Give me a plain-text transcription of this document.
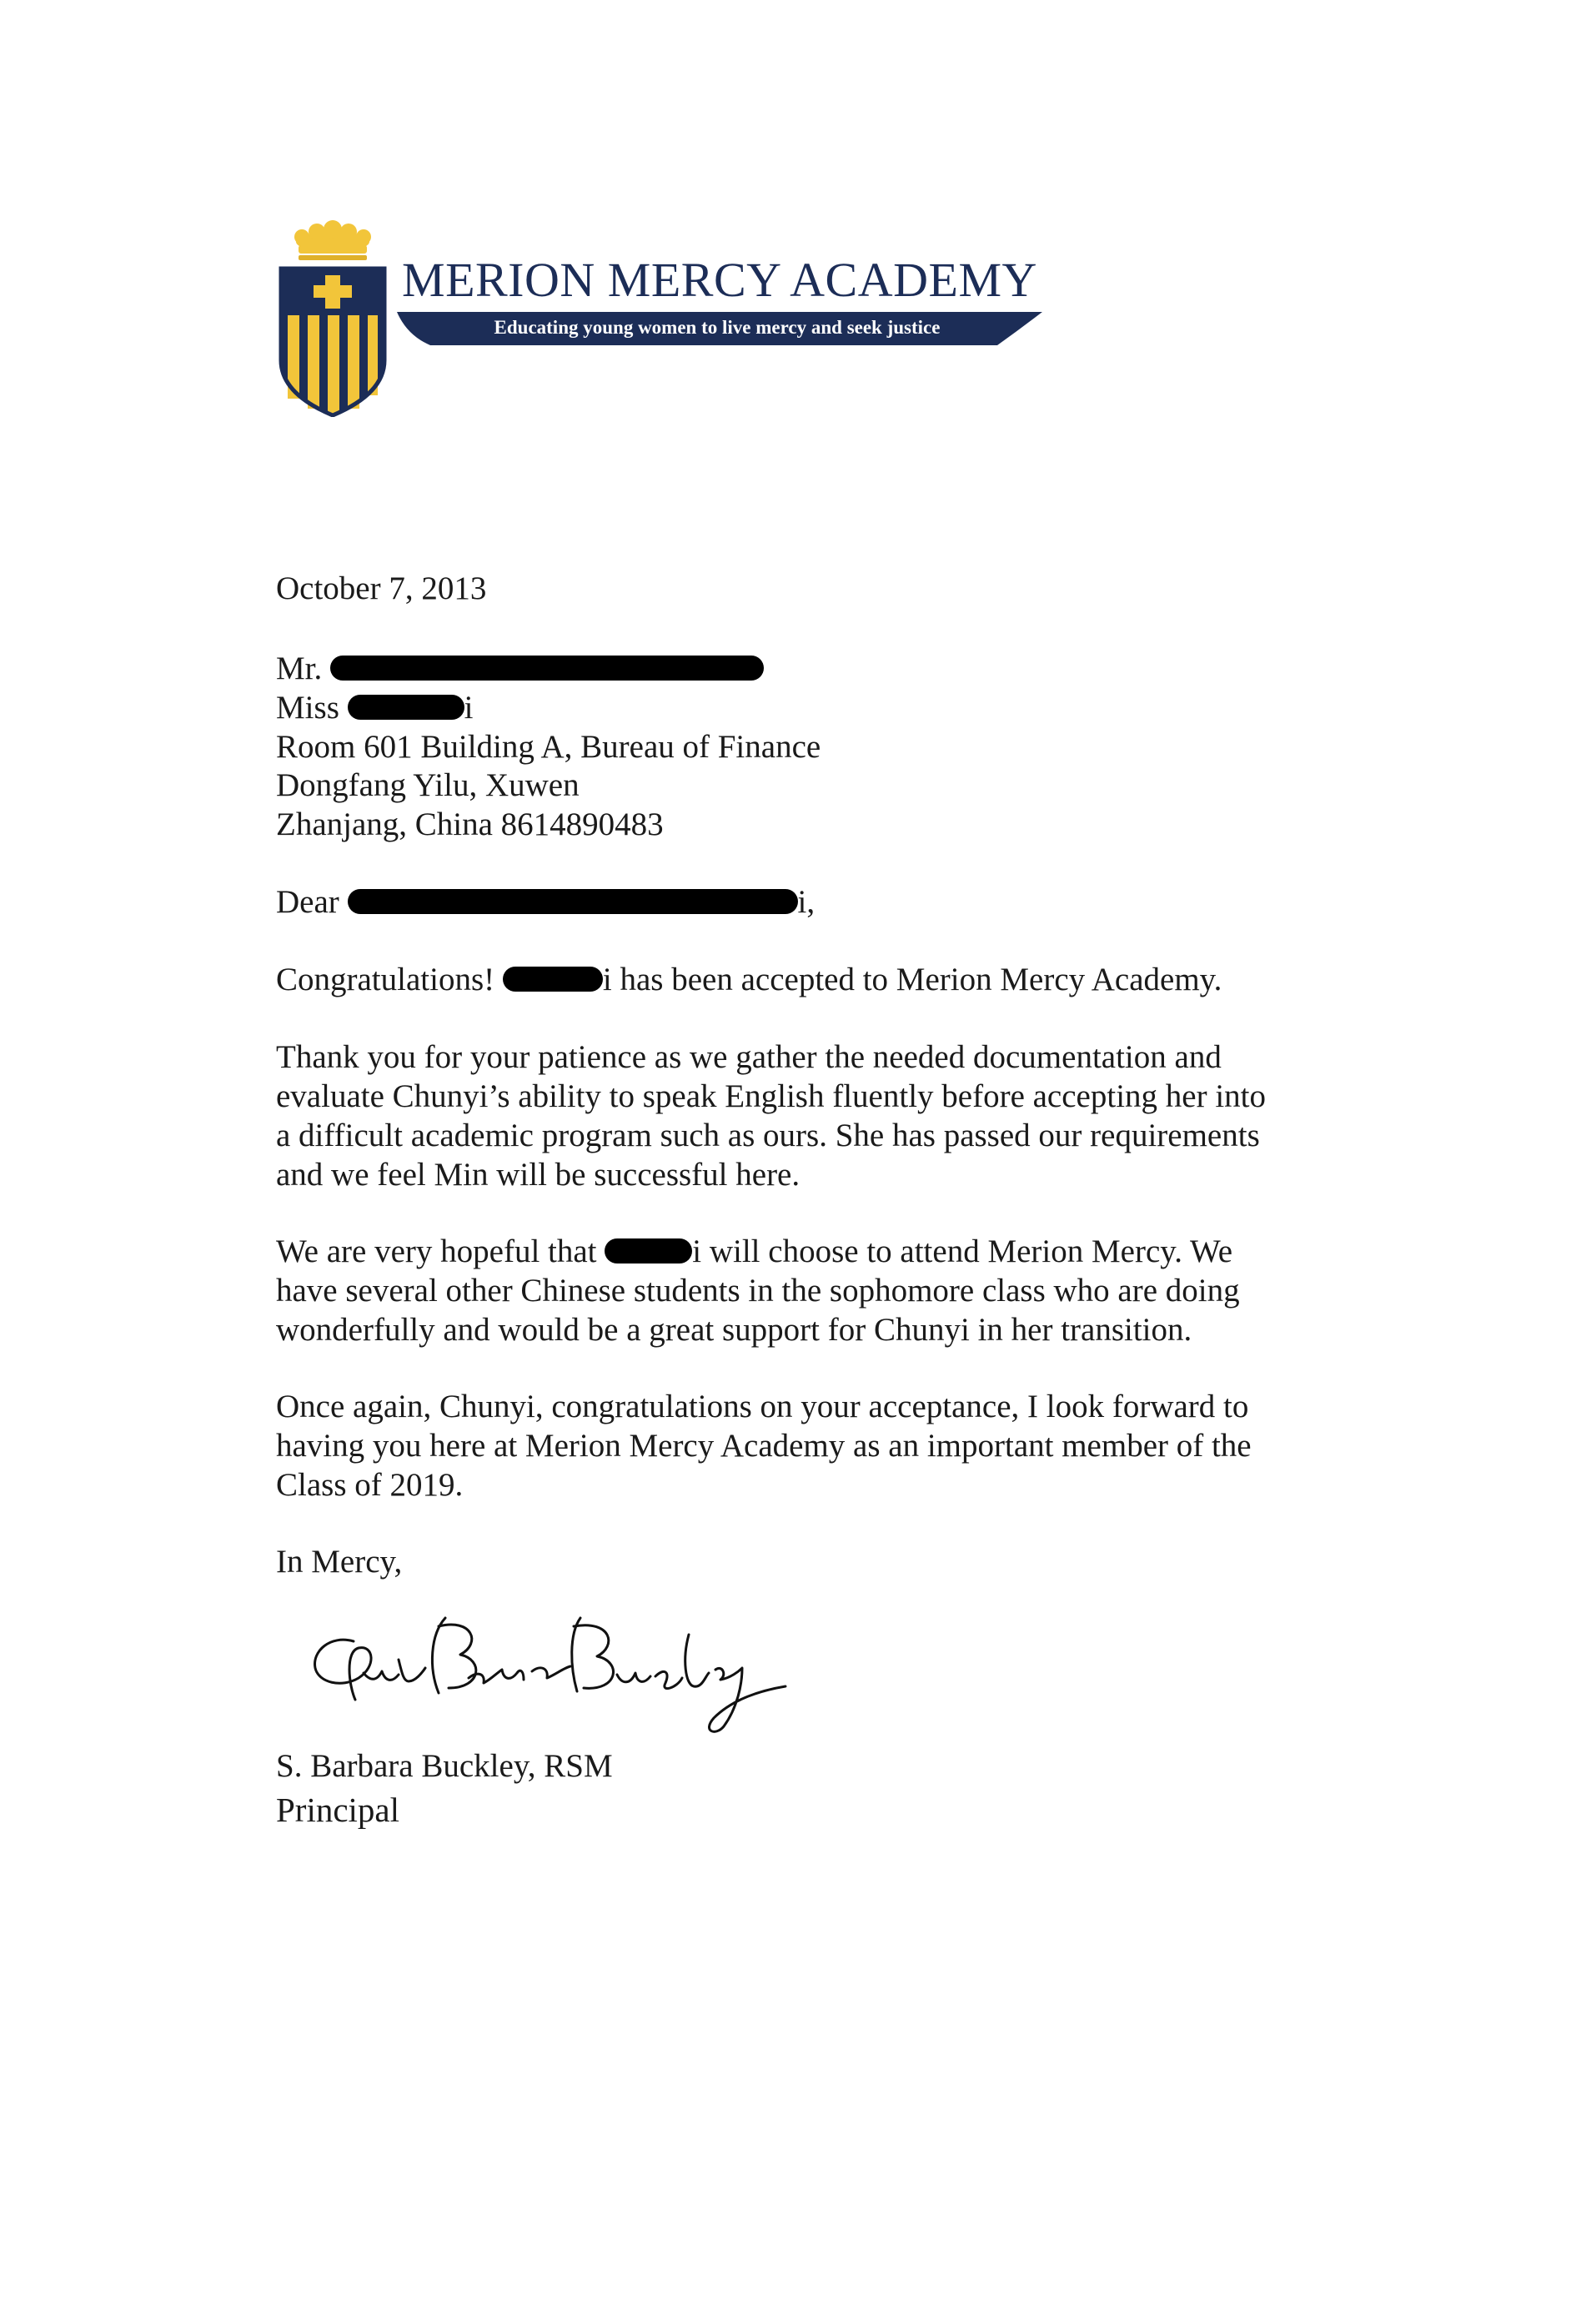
MERION MERCY ACADEMY
Educating young women to live mercy and seek justice
October 7, 2013
Mr.
Miss	i
Room 601 Building A, Bureau of Finance
Dongfang Yilu, Xuwen
Zhanjang, China 8614890483
Dear	i,
Congratulations!	i has been accepted to Merion Mercy Academy.
Thank you for your patience as we gather the needed documentation and
evaluate Chunyi’s ability to speak English fluently before accepting her into
a difficult academic program such as ours. She has passed our requirements
and we feel Min will be successful here.
We are very hopeful that	i will choose to attend Merion Mercy. We
have several other Chinese students in the sophomore class who are doing
wonderfully and would be a great support for Chunyi in her transition.
Once again, Chunyi, congratulations on your acceptance, I look forward to
having you here at Merion Mercy Academy as an important member of the
Class of 2019.
In Mercy,
S. Barbara Buckley, RSM
Principal
